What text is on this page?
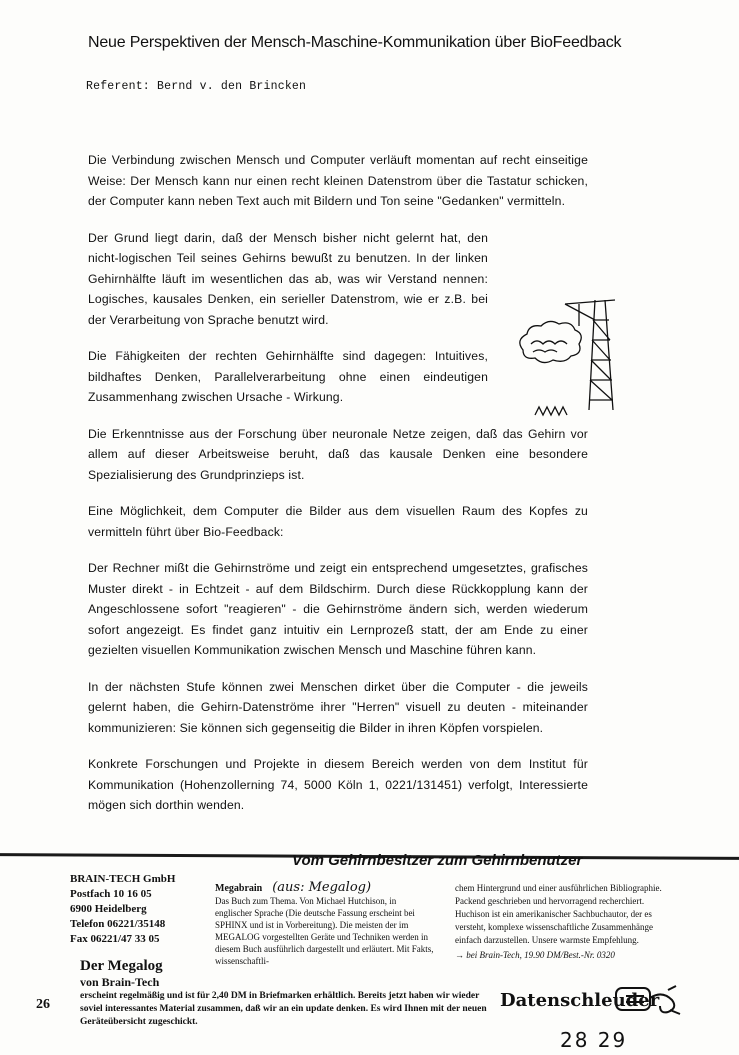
Neue Perspektiven der Mensch-Maschine-Kommunikation über BioFeedback
Referent: Bernd v. den Brincken

Die Verbindung zwischen Mensch und Computer verläuft momentan auf recht einseitige Weise: Der Mensch kann nur einen recht kleinen Datenstrom über die Tastatur schicken, der Computer kann neben Text auch mit Bildern und Ton seine "Gedanken" vermitteln.

Der Grund liegt darin, daß der Mensch bisher nicht gelernt hat, den nicht-logischen Teil seines Gehirns bewußt zu benutzen. In der linken Gehirnhälfte läuft im wesentlichen das ab, was wir Verstand nennen: Logisches, kausales Denken, ein serieller Datenstrom, wie er z.B. bei der Verarbeitung von Sprache benutzt wird.

Die Fähigkeiten der rechten Gehirnhälfte sind dagegen: Intuitives, bildhaftes Denken, Parallelverarbeitung ohne einen eindeutigen Zusammenhang zwischen Ursache - Wirkung.

Die Erkenntnisse aus der Forschung über neuronale Netze zeigen, daß das Gehirn vor allem auf dieser Arbeitsweise beruht, daß das kausale Denken eine besondere Spezialisierung des Grundprinzieps ist.

Eine Möglichkeit, dem Computer die Bilder aus dem visuellen Raum des Kopfes zu vermitteln führt über Bio-Feedback:

Der Rechner mißt die Gehirnströme und zeigt ein entsprechend umgesetztes, grafisches Muster direkt - in Echtzeit - auf dem Bildschirm. Durch diese Rückkopplung kann der Angeschlossene sofort "reagieren" - die Gehirnströme ändern sich, werden wiederum sofort angezeigt. Es findet ganz intuitiv ein Lernprozeß statt, der am Ende zu einer gezielten visuellen Kommunikation zwischen Mensch und Maschine führen kann.

In der nächsten Stufe können zwei Menschen dirket über die Computer - die jeweils gelernt haben, die Gehirn-Datenströme ihrer "Herren" visuell zu deuten - miteinander kommunizieren: Sie können sich gegenseitig die Bilder in ihren Köpfen vorspielen.

Konkrete Forschungen und Projekte in diesem Bereich werden von dem Institut für Kommunikation (Hohenzollerning 74, 5000 Köln 1, 0221/131451) verfolgt, Interessierte mögen sich dorthin wenden.

Vom Gehirnbesitzer zum Gehirnbenutzer
BRAIN-TECH GmbH
Postfach 10 16 05
6900 Heidelberg
Telefon 06221/35148
Fax 06221/47 33 05
Megabrain (aus: Megalog)
Das Buch zum Thema. Von Michael Hutchison, in englischer Sprache (Die deutsche Fassung erscheint bei SPHINX und ist in Vorbereitung). Die meisten der im MEGALOG vorgestellten Geräte und Techniken werden in diesem Buch ausführlich dargestellt und erläutert. Mit Fakts, wissenschaftli-
chem Hintergrund und einer ausführlichen Bibliographie. Packend geschrieben und hervorragend recherchiert. Huchison ist ein amerikanischer Sachbuchautor, der es versteht, komplexe wissenschaftliche Zusammenhänge einfach darzustellen. Unsere warmste Empfehlung.
→ bei Brain-Tech, 19.90 DM/Best.-Nr. 0320
Der Megalog
von Brain-Tech
erscheint regelmäßig und ist für 2,40 DM in Briefmarken erhältlich. Bereits jetzt haben wir wieder soviel interessantes Material zusammen, daß wir an ein update denken. Es wird Ihnen mit der neuen Geräteübersicht zugeschickt.
26	Datenschleuder
28 29
